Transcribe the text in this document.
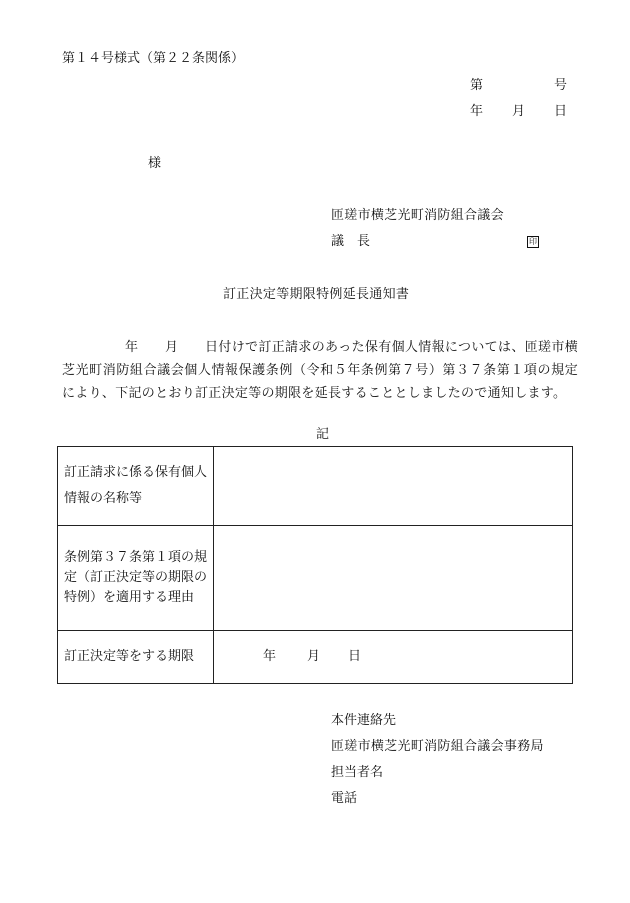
第１４号様式（第２２条関係）
第	号
年 月 日
様
匝瑳市横芝光町消防組合議会
議　長	印
訂正決定等期限特例延長通知書
年　　月　　日付けで訂正請求のあった保有個人情報については、匝瑳市横芝光町消防組合議会個人情報保護条例（令和５年条例第７号）第３７条第１項の規定により、下記のとおり訂正決定等の期限を延長することとしましたので通知します。
記
訂正請求に係る保有個人情報の名称等	
条例第３７条第１項の規定（訂正決定等の期限の特例）を適用する理由	
訂正決定等をする期限	年 月 日
本件連絡先
匝瑳市横芝光町消防組合議会事務局
担当者名
電話
